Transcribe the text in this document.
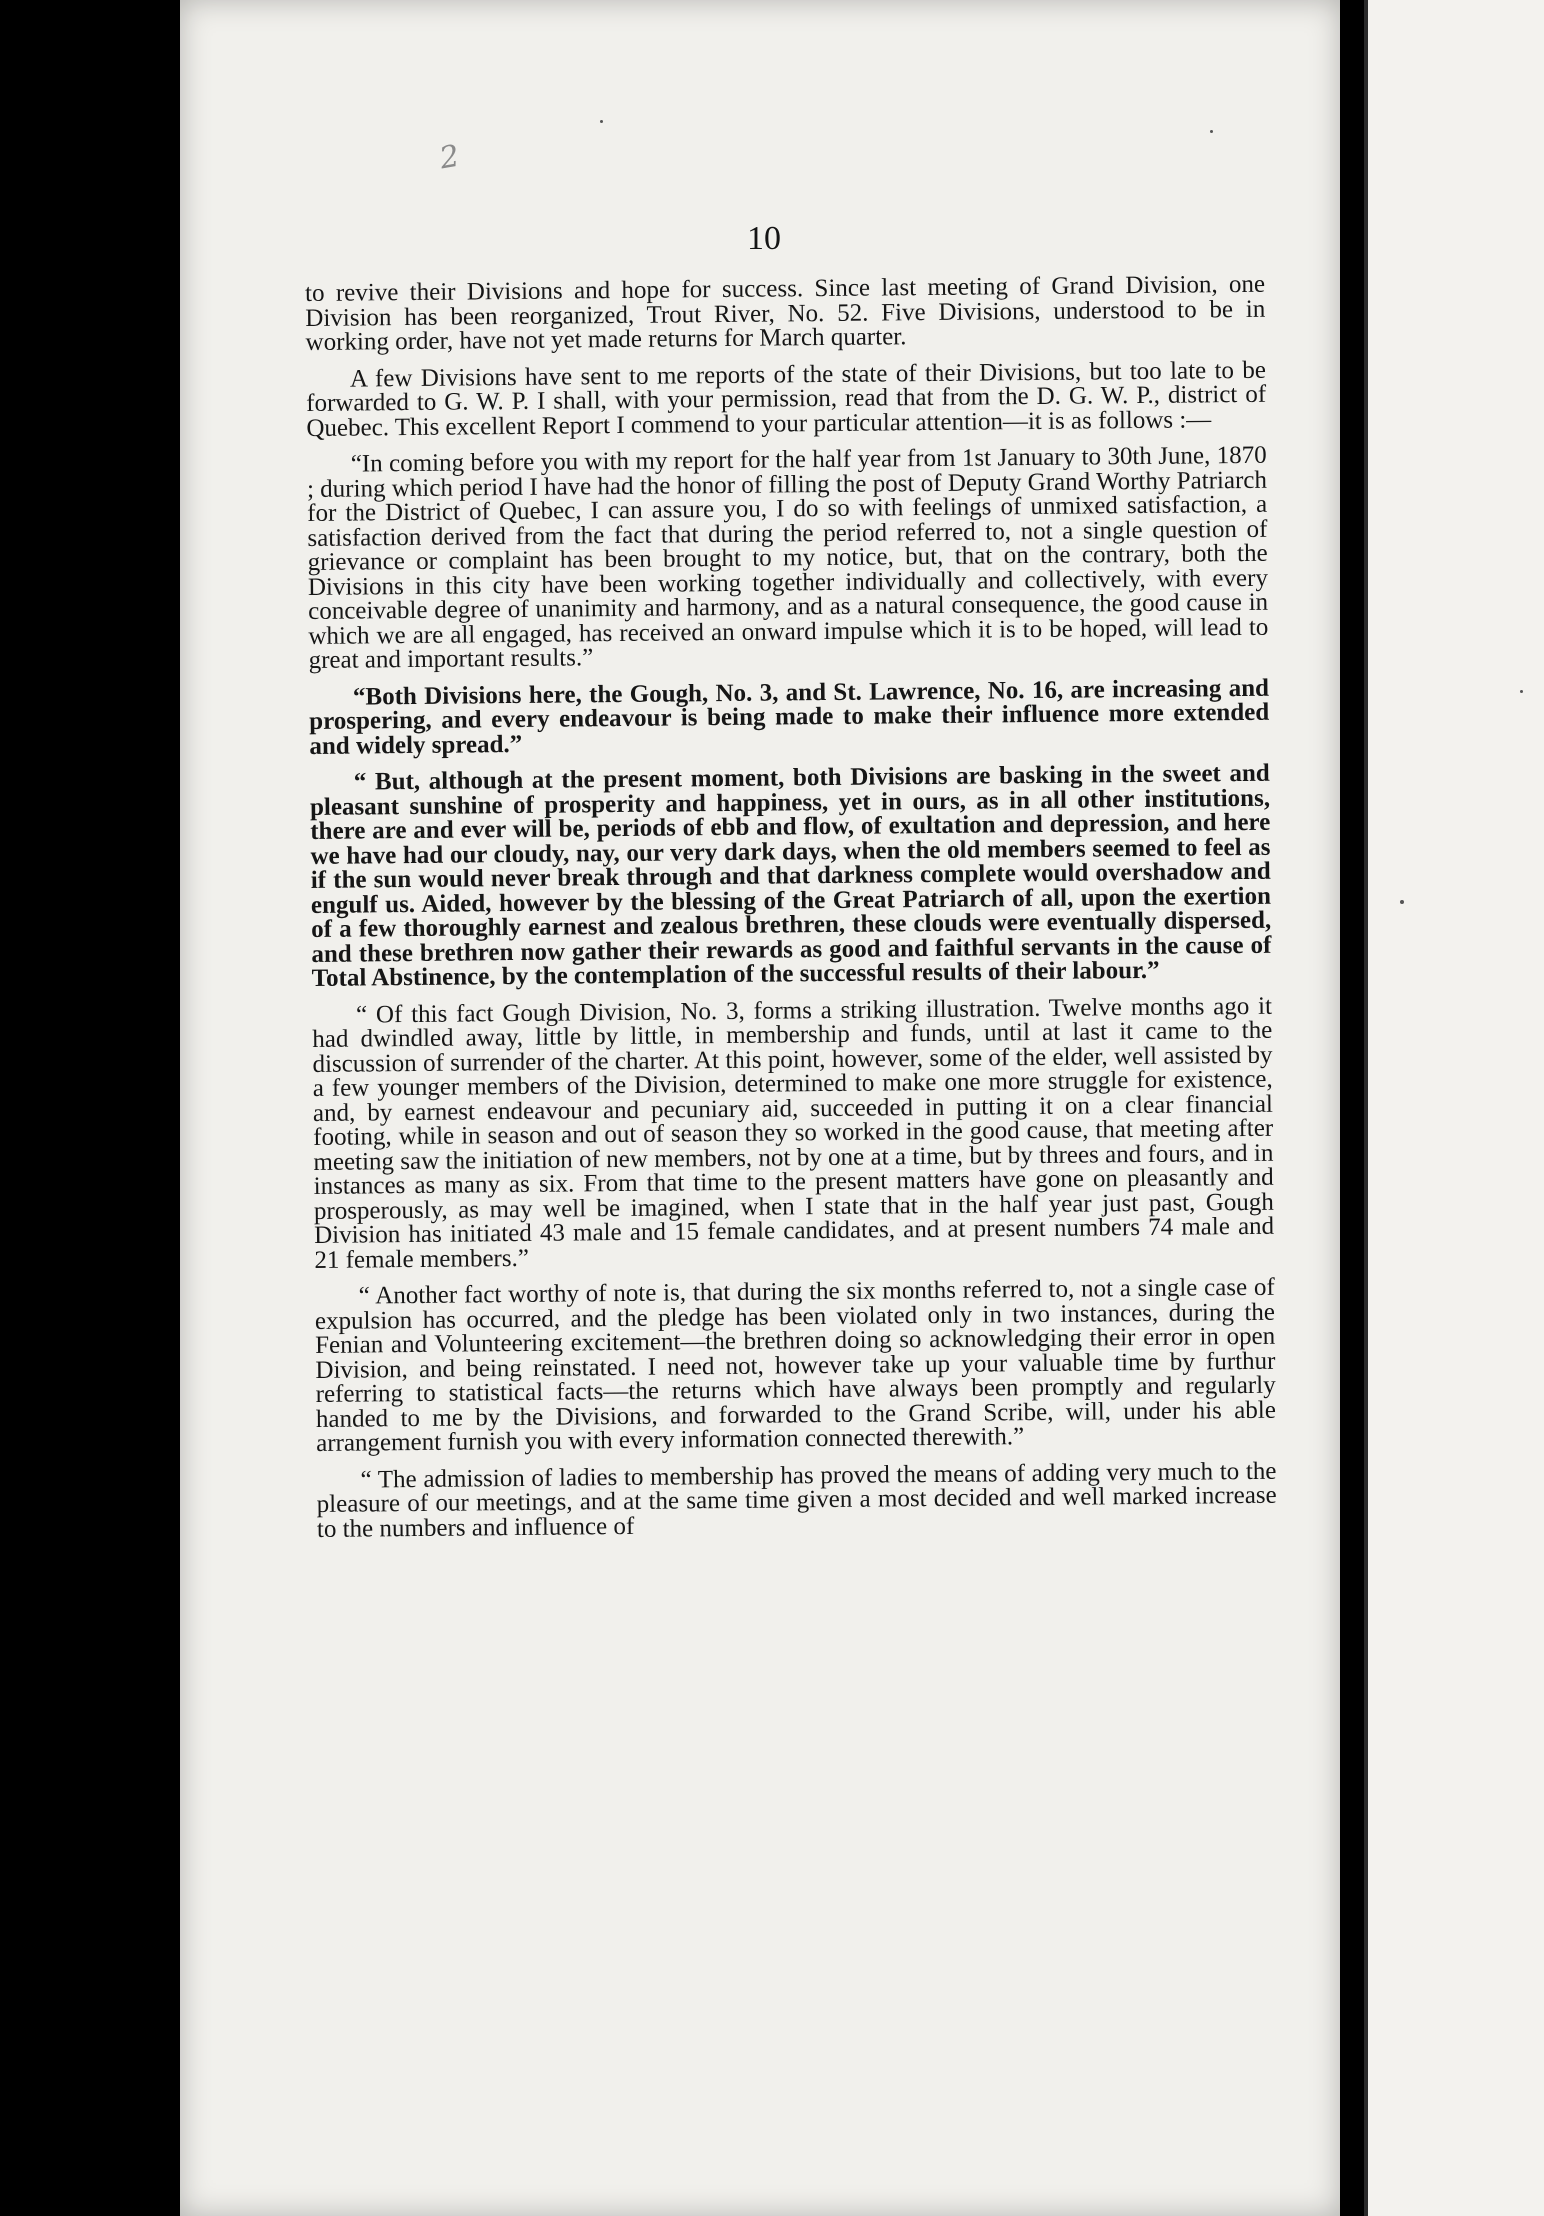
2
10

to revive their Divisions and hope for success. Since last meeting of Grand Division, one Division has been reorganized, Trout River, No. 52. Five Divisions, understood to be in working order, have not yet made returns for March quarter.

A few Divisions have sent to me reports of the state of their Divisions, but too late to be forwarded to G. W. P. I shall, with your permission, read that from the D. G. W. P., district of Quebec. This excellent Report I commend to your particular attention—it is as follows :—

“In coming before you with my report for the half year from 1st January to 30th June, 1870 ; during which period I have had the honor of filling the post of Deputy Grand Worthy Patriarch for the District of Quebec, I can assure you, I do so with feelings of unmixed satisfaction, a satisfaction derived from the fact that during the period referred to, not a single question of grievance or complaint has been brought to my notice, but, that on the contrary, both the Divisions in this city have been working together individually and collectively, with every conceivable degree of unanimity and harmony, and as a natural consequence, the good cause in which we are all engaged, has received an onward impulse which it is to be hoped, will lead to great and important results.”

“Both Divisions here, the Gough, No. 3, and St. Lawrence, No. 16, are increasing and prospering, and every endeavour is being made to make their influence more extended and widely spread.”

“ But, although at the present moment, both Divisions are basking in the sweet and pleasant sunshine of prosperity and happiness, yet in ours, as in all other institutions, there are and ever will be, periods of ebb and flow, of exultation and depression, and here we have had our cloudy, nay, our very dark days, when the old members seemed to feel as if the sun would never break through and that darkness complete would overshadow and engulf us. Aided, however by the blessing of the Great Patriarch of all, upon the exertion of a few thoroughly earnest and zealous brethren, these clouds were eventually dispersed, and these brethren now gather their rewards as good and faithful servants in the cause of Total Abstinence, by the contemplation of the successful results of their labour.”

“ Of this fact Gough Division, No. 3, forms a striking illustration. Twelve months ago it had dwindled away, little by little, in membership and funds, until at last it came to the discussion of surrender of the charter. At this point, however, some of the elder, well assisted by a few younger members of the Division, determined to make one more struggle for existence, and, by earnest endeavour and pecuniary aid, succeeded in putting it on a clear financial footing, while in season and out of season they so worked in the good cause, that meeting after meeting saw the initiation of new members, not by one at a time, but by threes and fours, and in instances as many as six. From that time to the present matters have gone on pleasantly and prosperously, as may well be imagined, when I state that in the half year just past, Gough Division has initiated 43 male and 15 female candidates, and at present numbers 74 male and 21 female members.”

“ Another fact worthy of note is, that during the six months referred to, not a single case of expulsion has occurred, and the pledge has been violated only in two instances, during the Fenian and Volunteering excitement—the brethren doing so acknowledging their error in open Division, and being reinstated. I need not, however take up your valuable time by furthur referring to statistical facts—the returns which have always been promptly and regularly handed to me by the Divisions, and forwarded to the Grand Scribe, will, under his able arrangement furnish you with every information connected therewith.”

“ The admission of ladies to membership has proved the means of adding very much to the pleasure of our meetings, and at the same time given a most decided and well marked increase to the numbers and influence of
